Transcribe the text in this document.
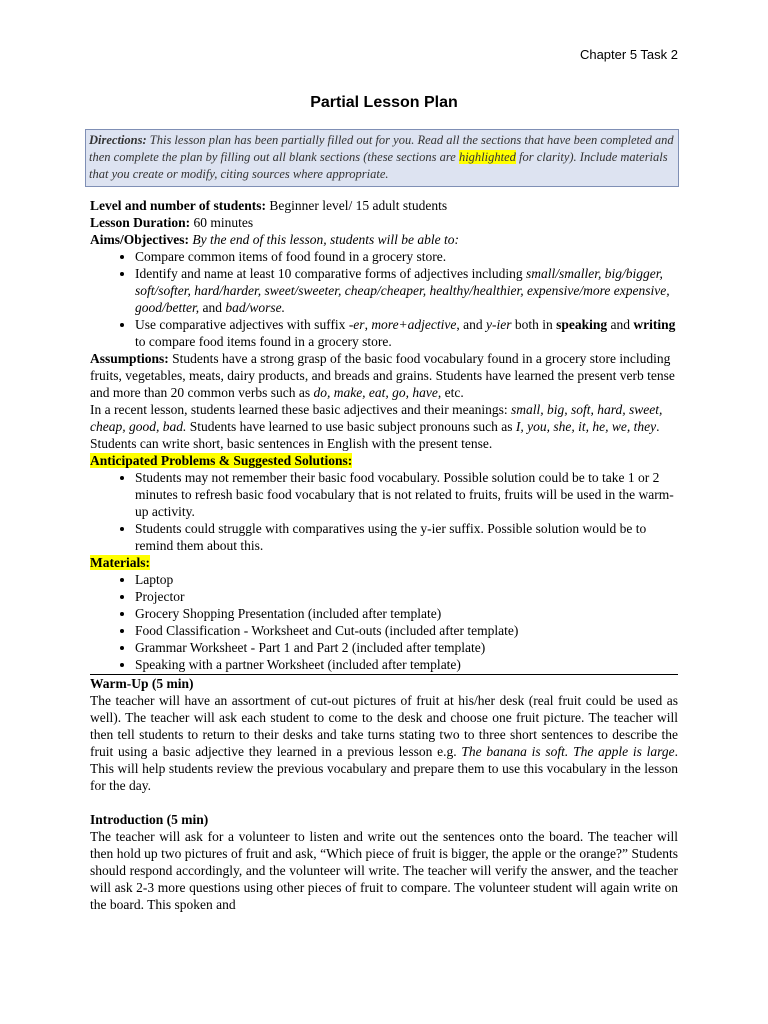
Chapter 5 Task 2
Partial Lesson Plan
Directions: This lesson plan has been partially filled out for you. Read all the sections that have been completed and then complete the plan by filling out all blank sections (these sections are highlighted for clarity). Include materials that you create or modify, citing sources where appropriate.

Level and number of students: Beginner level/ 15 adult students

Lesson Duration: 60 minutes

Aims/Objectives: By the end of this lesson, students will be able to:

• Compare common items of food found in a grocery store.
• Identify and name at least 10 comparative forms of adjectives including small/smaller, big/bigger, soft/softer, hard/harder, sweet/sweeter, cheap/cheaper, healthy/healthier, expensive/more expensive, good/better, and bad/worse.
• Use comparative adjectives with suffix -er, more+adjective, and y-ier both in speaking and writing to compare food items found in a grocery store.

Assumptions: Students have a strong grasp of the basic food vocabulary found in a grocery store including fruits, vegetables, meats, dairy products, and breads and grains. Students have learned the present verb tense and more than 20 common verbs such as do, make, eat, go, have, etc.

In a recent lesson, students learned these basic adjectives and their meanings: small, big, soft, hard, sweet, cheap, good, bad. Students have learned to use basic subject pronouns such as I, you, she, it, he, we, they. Students can write short, basic sentences in English with the present tense.

Anticipated Problems & Suggested Solutions:

• Students may not remember their basic food vocabulary. Possible solution could be to take 1 or 2 minutes to refresh basic food vocabulary that is not related to fruits, fruits will be used in the warm-up activity.
• Students could struggle with comparatives using the y-ier suffix. Possible solution would be to remind them about this.

Materials:

• Laptop
• Projector
• Grocery Shopping Presentation (included after template)
• Food Classification - Worksheet and Cut-outs (included after template)
• Grammar Worksheet - Part 1 and Part 2 (included after template)
• Speaking with a partner Worksheet (included after template)

Warm-Up (5 min)

The teacher will have an assortment of cut-out pictures of fruit at his/her desk (real fruit could be used as well). The teacher will ask each student to come to the desk and choose one fruit picture. The teacher will then tell students to return to their desks and take turns stating two to three short sentences to describe the fruit using a basic adjective they learned in a previous lesson e.g. The banana is soft. The apple is large. This will help students review the previous vocabulary and prepare them to use this vocabulary in the lesson for the day.

Introduction (5 min)

The teacher will ask for a volunteer to listen and write out the sentences onto the board. The teacher will then hold up two pictures of fruit and ask, “Which piece of fruit is bigger, the apple or the orange?” Students should respond accordingly, and the volunteer will write. The teacher will verify the answer, and the teacher will ask 2-3 more questions using other pieces of fruit to compare. The volunteer student will again write on the board. This spoken and
